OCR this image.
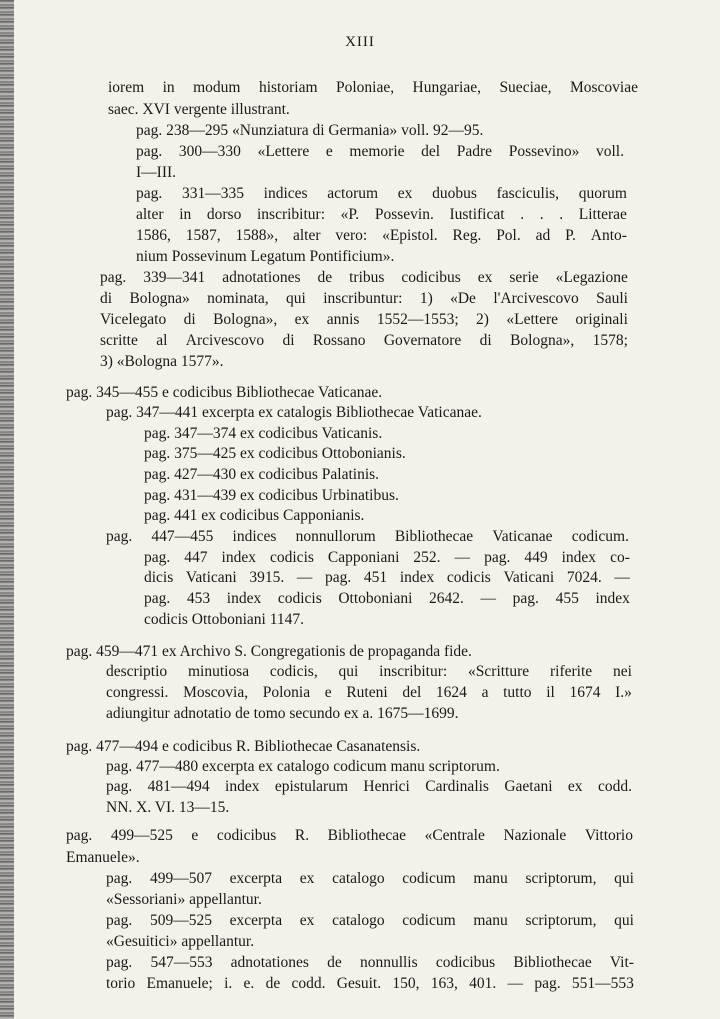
XIII
iorem in modum historiam Poloniae, Hungariae, Sueciae, Moscoviae
saec. XVI vergente illustrant.
pag. 238—295 «Nunziatura di Germania» voll. 92—95.
pag. 300—330 «Lettere e memorie del Padre Possevino» voll.
I—III.
pag. 331—335 indices actorum ex duobus fasciculis, quorum
alter in dorso inscribitur: «P. Possevin. Iustificat . . . Litterae
1586, 1587, 1588», alter vero: «Epistol. Reg. Pol. ad P. Anto-
nium Possevinum Legatum Pontificium».
pag. 339—341 adnotationes de tribus codicibus ex serie «Legazione
di Bologna» nominata, qui inscribuntur: 1) «De l'Arcivescovo Sauli
Vicelegato di Bologna», ex annis 1552—1553; 2) «Lettere originali
scritte al Arcivescovo di Rossano Governatore di Bologna», 1578;
3) «Bologna 1577».
pag. 345—455 e codicibus Bibliothecae Vaticanae.
pag. 347—441 excerpta ex catalogis Bibliothecae Vaticanae.
pag. 347—374 ex codicibus Vaticanis.
pag. 375—425 ex codicibus Ottobonianis.
pag. 427—430 ex codicibus Palatinis.
pag. 431—439 ex codicibus Urbinatibus.
pag. 441 ex codicibus Capponianis.
pag. 447—455 indices nonnullorum Bibliothecae Vaticanae codicum.
pag. 447 index codicis Capponiani 252. — pag. 449 index co-
dicis Vaticani 3915. — pag. 451 index codicis Vaticani 7024. —
pag. 453 index codicis Ottoboniani 2642. — pag. 455 index
codicis Ottoboniani 1147.
pag. 459—471 ex Archivo S. Congregationis de propaganda fide.
descriptio minutiosa codicis, qui inscribitur: «Scritture riferite nei
congressi. Moscovia, Polonia e Ruteni del 1624 a tutto il 1674 I.»
adiungitur adnotatio de tomo secundo ex a. 1675—1699.
pag. 477—494 e codicibus R. Bibliothecae Casanatensis.
pag. 477—480 excerpta ex catalogo codicum manu scriptorum.
pag. 481—494 index epistularum Henrici Cardinalis Gaetani ex codd.
NN. X. VI. 13—15.
pag. 499—525 e codicibus R. Bibliothecae «Centrale Nazionale Vittorio
Emanuele».
pag. 499—507 excerpta ex catalogo codicum manu scriptorum, qui
«Sessoriani» appellantur.
pag. 509—525 excerpta ex catalogo codicum manu scriptorum, qui
«Gesuitici» appellantur.
pag. 547—553 adnotationes de nonnullis codicibus Bibliothecae Vit-
torio Emanuele; i. e. de codd. Gesuit. 150, 163, 401. — pag. 551—553
